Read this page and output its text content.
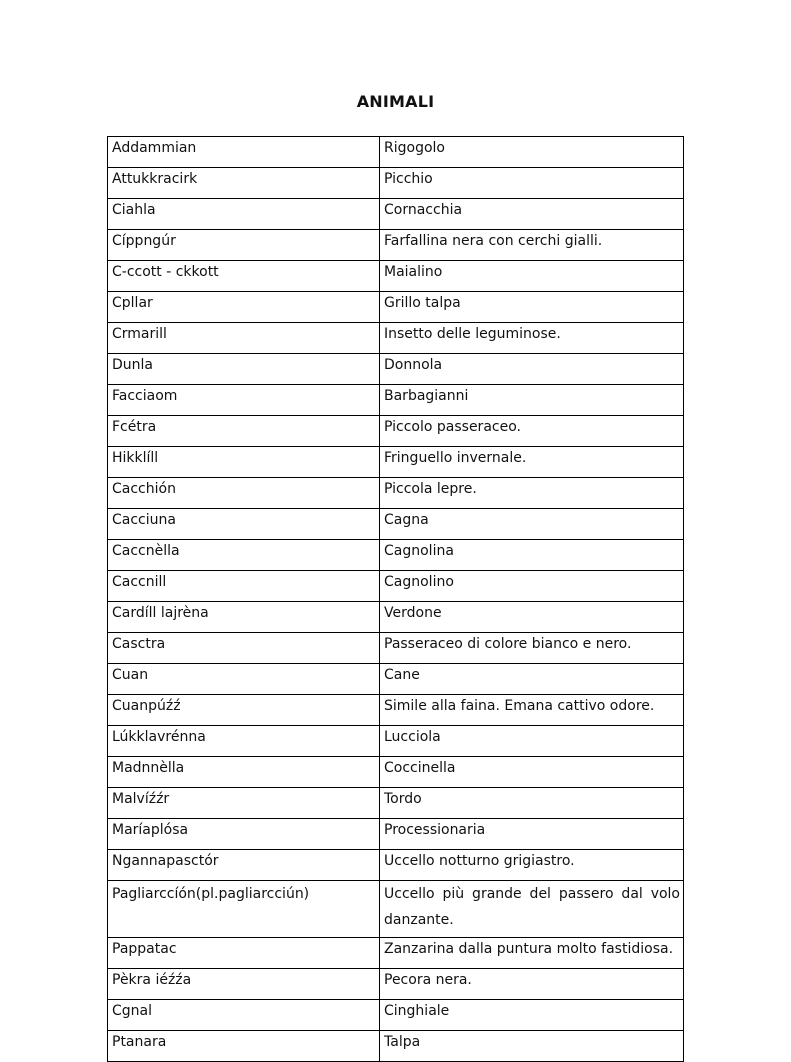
ANIMALI
Addammian	Rigogolo
Attukkracirk	Picchio
Ciahla	Cornacchia
Cíppngúr	Farfallina nera con cerchi gialli.
C-ccott - ckkott	Maialino
Cpllar	Grillo talpa
Crmarill	Insetto delle leguminose.
Dunla	Donnola
Facciaom	Barbagianni
Fcétra	Piccolo passeraceo.
Hikklíll	Fringuello invernale.
Cacchión	Piccola lepre.
Cacciuna	Cagna
Caccnèlla	Cagnolina
Caccnill	Cagnolino
Cardíll lajrèna	Verdone
Casctra	Passeraceo di colore bianco e nero.
Cuan	Cane
Cuanpúźź	Simile alla faina. Emana cattivo odore.
Lúkklavrénna	Lucciola
Madnnèlla	Coccinella
Malvíźźr	Tordo
Maríaplósa	Processionaria
Ngannapasctór	Uccello notturno grigiastro.
Pagliarccíón(pl.pagliarcciún)	Uccello più grande del passero dal volo danzante.
Pappatac	Zanzarina dalla puntura molto fastidiosa.
Pèkra iéźźa	Pecora nera.
Cgnal	Cinghiale
Ptanara	Talpa
